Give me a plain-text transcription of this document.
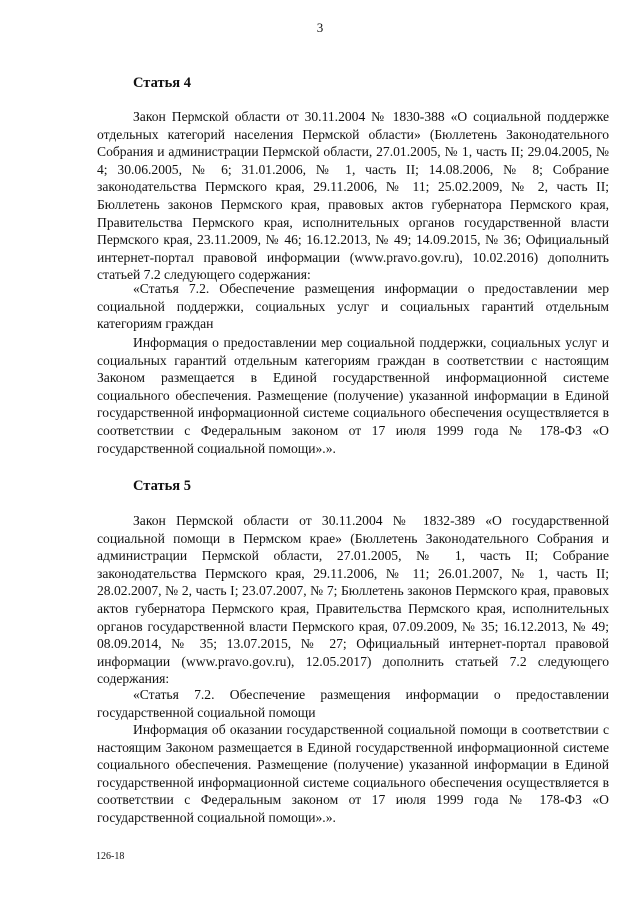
3
Статья 4

Закон Пермской области от 30.11.2004 № 1830-388 «О социальной поддержке отдельных категорий населения Пермской области» (Бюллетень Законодательного Собрания и администрации Пермской области, 27.01.2005, № 1, часть II; 29.04.2005, № 4; 30.06.2005, № 6; 31.01.2006, № 1, часть II; 14.08.2006, № 8; Собрание законодательства Пермского края, 29.11.2006, № 11; 25.02.2009, № 2, часть II; Бюллетень законов Пермского края, правовых актов губернатора Пермского края, Правительства Пермского края, исполнительных органов государственной власти Пермского края, 23.11.2009, № 46; 16.12.2013, № 49; 14.09.2015, № 36; Официальный интернет-портал правовой информации (www.pravo.gov.ru), 10.02.2016) дополнить статьей 7.2 следующего содержания:

«Статья 7.2. Обеспечение размещения информации о предоставлении мер социальной поддержки, социальных услуг и социальных гарантий отдельным категориям граждан

Информация о предоставлении мер социальной поддержки, социальных услуг и социальных гарантий отдельным категориям граждан в соответствии с настоящим Законом размещается в Единой государственной информационной системе социального обеспечения. Размещение (получение) указанной информации в Единой государственной информационной системе социального обеспечения осуществляется в соответствии с Федеральным законом от 17 июля 1999 года № 178-ФЗ «О государственной социальной помощи».».

Статья 5

Закон Пермской области от 30.11.2004 № 1832-389 «О государственной социальной помощи в Пермском крае» (Бюллетень Законодательного Собрания и администрации Пермской области, 27.01.2005, № 1, часть II; Собрание законодательства Пермского края, 29.11.2006, № 11; 26.01.2007, № 1, часть II; 28.02.2007, № 2, часть I; 23.07.2007, № 7; Бюллетень законов Пермского края, правовых актов губернатора Пермского края, Правительства Пермского края, исполнительных органов государственной власти Пермского края, 07.09.2009, № 35; 16.12.2013, № 49; 08.09.2014, № 35; 13.07.2015, № 27; Официальный интернет-портал правовой информации (www.pravo.gov.ru), 12.05.2017) дополнить статьей 7.2 следующего содержания:

«Статья 7.2. Обеспечение размещения информации о предоставлении государственной социальной помощи

Информация об оказании государственной социальной помощи в соответствии с настоящим Законом размещается в Единой государственной информационной системе социального обеспечения. Размещение (получение) указанной информации в Единой государственной информационной системе социального обеспечения осуществляется в соответствии с Федеральным законом от 17 июля 1999 года № 178-ФЗ «О государственной социальной помощи».».

126-18
